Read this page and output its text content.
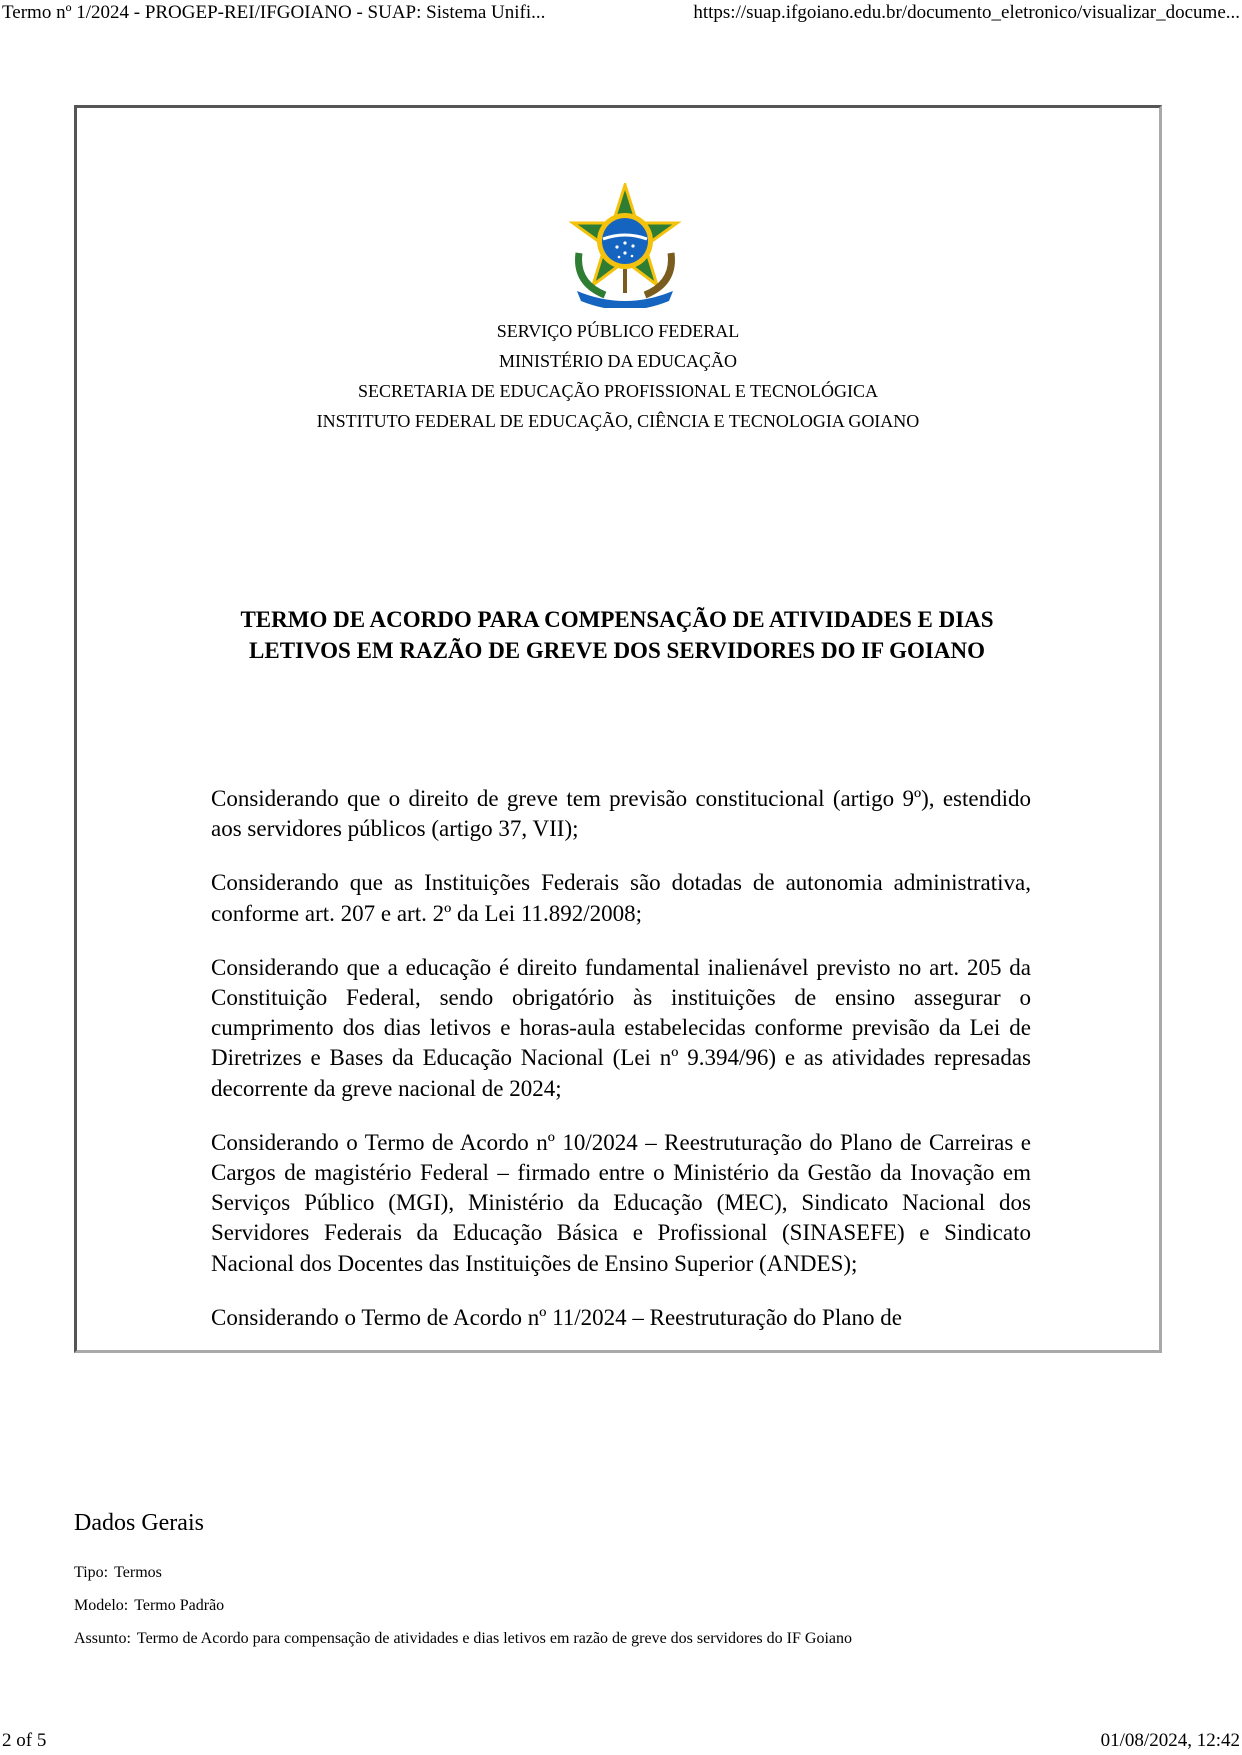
Termo nº 1/2024 - PROGEP-REI/IFGOIANO - SUAP: Sistema Unifi...	https://suap.ifgoiano.edu.br/documento_eletronico/visualizar_docume...
SERVIÇO PÚBLICO FEDERAL
MINISTÉRIO DA EDUCAÇÃO
SECRETARIA DE EDUCAÇÃO PROFISSIONAL E TECNOLÓGICA
INSTITUTO FEDERAL DE EDUCAÇÃO, CIÊNCIA E TECNOLOGIA GOIANO
TERMO DE ACORDO PARA COMPENSAÇÃO DE ATIVIDADES E DIAS LETIVOS EM RAZÃO DE GREVE DOS SERVIDORES DO IF GOIANO

Considerando que o direito de greve tem previsão constitucional (artigo 9º), estendido aos servidores públicos (artigo 37, VII);

Considerando que as Instituições Federais são dotadas de autonomia administrativa, conforme art. 207 e art. 2º da Lei 11.892/2008;

Considerando que a educação é direito fundamental inalienável previsto no art. 205 da Constituição Federal, sendo obrigatório às instituições de ensino assegurar o cumprimento dos dias letivos e horas-aula estabelecidas conforme previsão da Lei de Diretrizes e Bases da Educação Nacional (Lei nº 9.394/96) e as atividades represadas decorrente da greve nacional de 2024;

Considerando o Termo de Acordo nº 10/2024 – Reestruturação do Plano de Carreiras e Cargos de magistério Federal – firmado entre o Ministério da Gestão da Inovação em Serviços Público (MGI), Ministério da Educação (MEC), Sindicato Nacional dos Servidores Federais da Educação Básica e Profissional (SINASEFE) e Sindicato Nacional dos Docentes das Instituições de Ensino Superior (ANDES);

Considerando o Termo de Acordo nº 11/2024 – Reestruturação do Plano de

Dados Gerais
Tipo: Termos
Modelo: Termo Padrão
Assunto: Termo de Acordo para compensação de atividades e dias letivos em razão de greve dos servidores do IF Goiano
2 of 5	01/08/2024, 12:42
